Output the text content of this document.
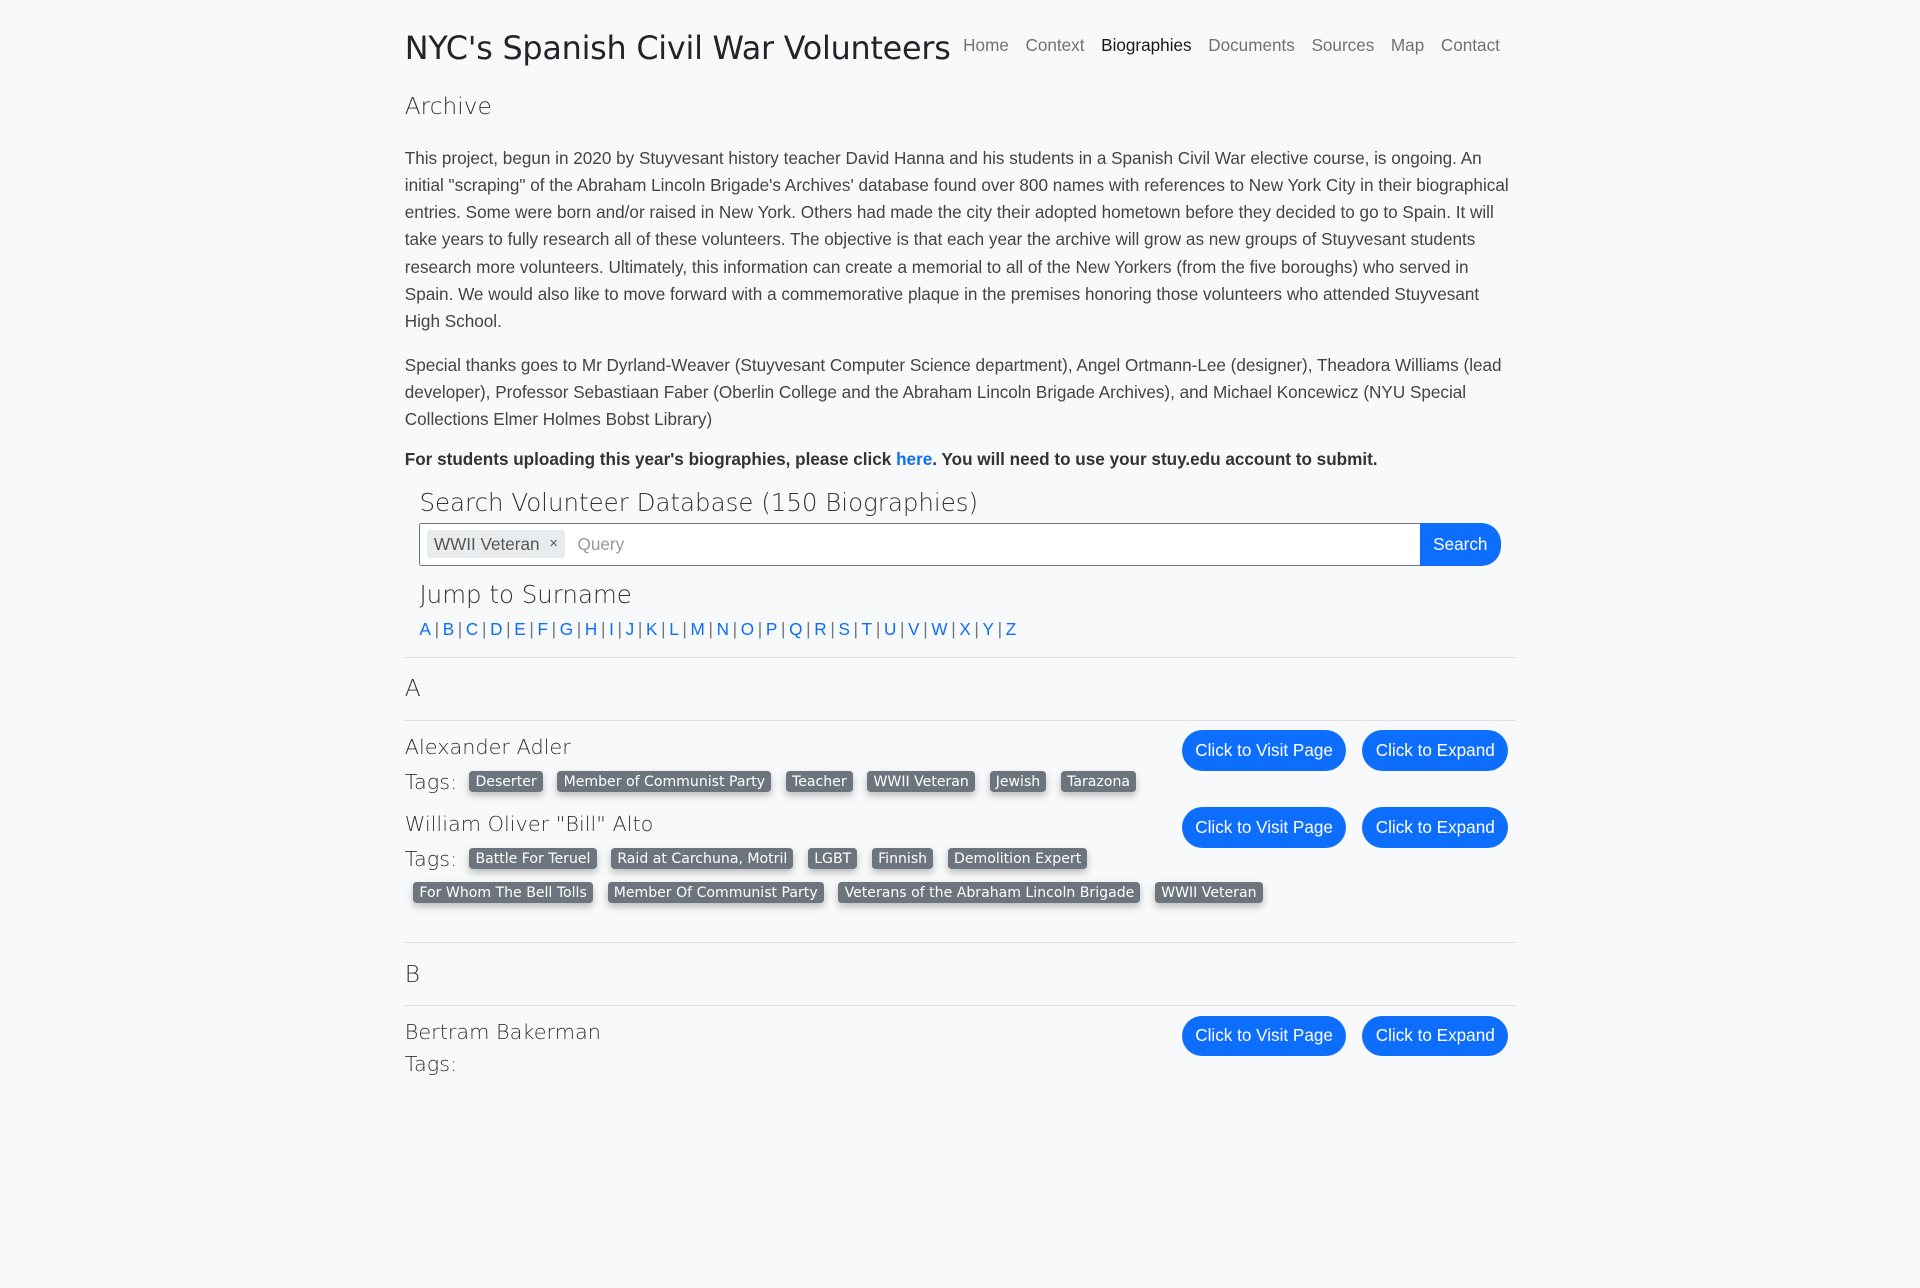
NYC's Spanish Civil War Volunteers Home	Context	Biographies	Documents	Sources	Map	Contact
Archive

This project, begun in 2020 by Stuyvesant history teacher David Hanna and his students in a Spanish Civil War elective course, is ongoing. An initial "scraping" of the Abraham Lincoln Brigade's Archives' database found over 800 names with references to New York City in their biographical entries. Some were born and/or raised in New York. Others had made the city their adopted hometown before they decided to go to Spain. It will take years to fully research all of these volunteers. The objective is that each year the archive will grow as new groups of Stuyvesant students research more volunteers. Ultimately, this information can create a memorial to all of the New Yorkers (from the five boroughs) who served in Spain. We would also like to move forward with a commemorative plaque in the premises honoring those volunteers who attended Stuyvesant High School.

Special thanks goes to Mr Dyrland-Weaver (Stuyvesant Computer Science department), Angel Ortmann-Lee (designer), Theadora Williams (lead developer), Professor Sebastiaan Faber (Oberlin College and the Abraham Lincoln Brigade Archives), and Michael Koncewicz (NYU Special Collections Elmer Holmes Bobst Library)

For students uploading this year's biographies, please click here. You will need to use your stuy.edu account to submit.

Search Volunteer Database (150 Biographies)
WWII Veteran ×
Query	Search
Jump to Surname
A | B | C | D | E | F | G | H | I | J | K | L | M | N | O | P | Q | R | S | T | U | V | W | X | Y | Z
A
Alexander Adler
Tags:	Deserter	Member of Communist Party	Teacher	WWII Veteran	Jewish	Tarazona
Click to Visit Page	Click to Expand
William Oliver "Bill" Alto
Tags:	Battle For Teruel	Raid at Carchuna, Motril	LGBT	Finnish	Demolition Expert
For Whom The Bell Tolls	Member Of Communist Party	Veterans of the Abraham Lincoln Brigade	WWII Veteran
Click to Visit Page	Click to Expand
B
Bertram Bakerman
Tags:
Click to Visit Page	Click to Expand
